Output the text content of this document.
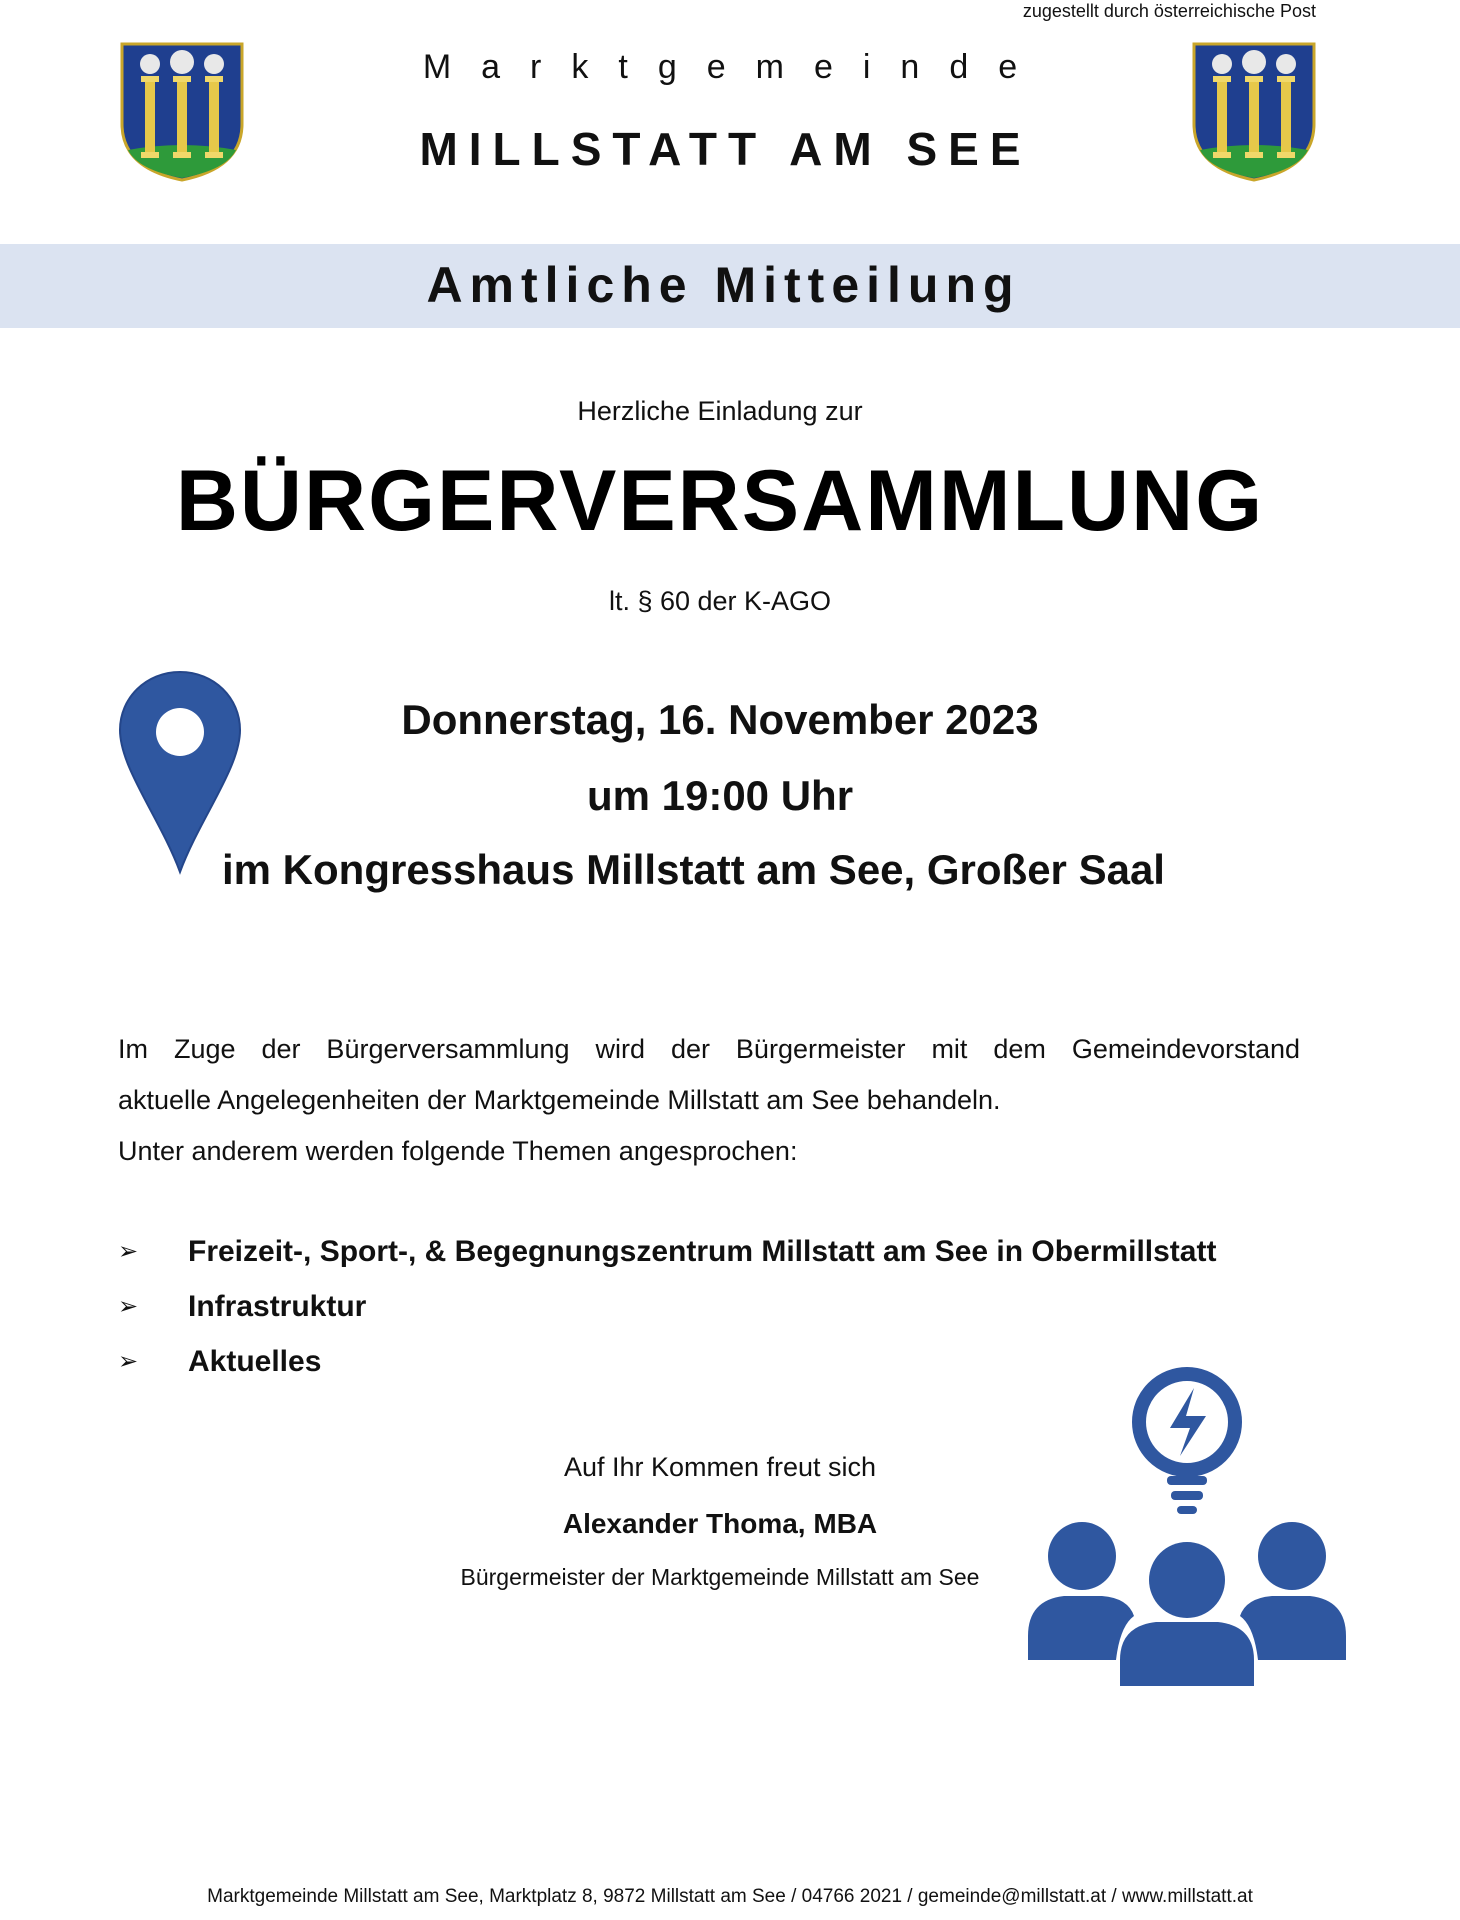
zugestellt durch österreichische Post
Marktgemeinde
MILLSTATT AM SEE
Amtliche Mitteilung
Herzliche Einladung zur
BÜRGERVERSAMMLUNG
lt. § 60 der K-AGO
Donnerstag, 16. November 2023
um 19:00 Uhr
im Kongresshaus Millstatt am See, Großer Saal

Im Zuge der Bürgerversammlung wird der Bürgermeister mit dem Gemeindevorstand

aktuelle Angelegenheiten der Marktgemeinde Millstatt am See behandeln.

Unter anderem werden folgende Themen angesprochen:

➢ Freizeit-, Sport-, & Begegnungszentrum Millstatt am See in Obermillstatt
➢ Infrastruktur
➢ Aktuelles
Auf Ihr Kommen freut sich
Alexander Thoma, MBA
Bürgermeister der Marktgemeinde Millstatt am See
Marktgemeinde Millstatt am See, Marktplatz 8, 9872 Millstatt am See / 04766 2021 / gemeinde@millstatt.at / www.millstatt.at
